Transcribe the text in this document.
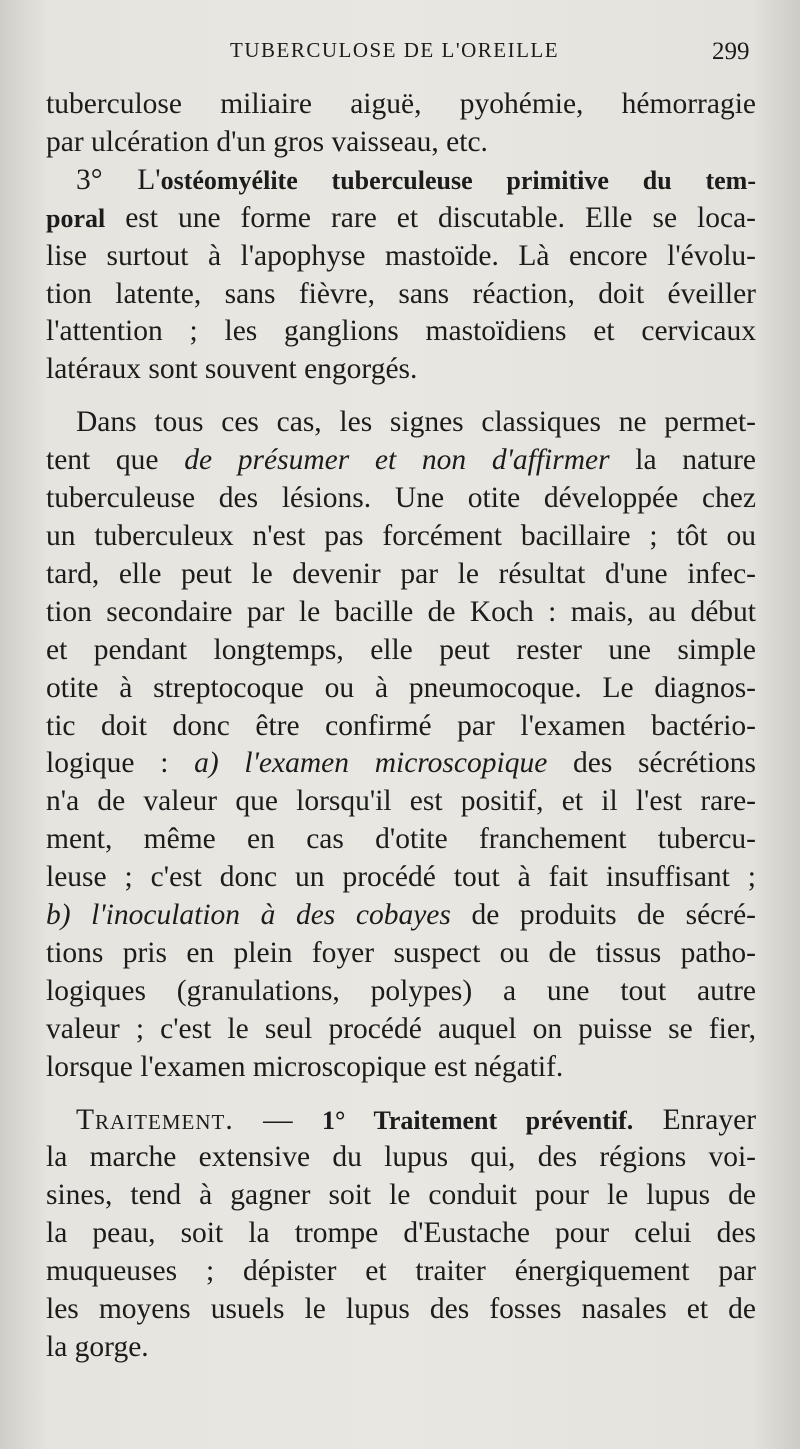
TUBERCULOSE DE L'OREILLE	299
tuberculose miliaire aiguë, pyohémie, hémorragie
par ulcération d'un gros vaisseau, etc.
3° L'ostéomyélite tuberculeuse primitive du tem-
poral est une forme rare et discutable. Elle se loca-
lise surtout à l'apophyse mastoïde. Là encore l'évolu-
tion latente, sans fièvre, sans réaction, doit éveiller
l'attention ; les ganglions mastoïdiens et cervicaux
latéraux sont souvent engorgés.
Dans tous ces cas, les signes classiques ne permet-
tent que de présumer et non d'affirmer la nature
tuberculeuse des lésions. Une otite développée chez
un tuberculeux n'est pas forcément bacillaire ; tôt ou
tard, elle peut le devenir par le résultat d'une infec-
tion secondaire par le bacille de Koch : mais, au début
et pendant longtemps, elle peut rester une simple
otite à streptocoque ou à pneumocoque. Le diagnos-
tic doit donc être confirmé par l'examen bactério-
logique : a) l'examen microscopique des sécrétions
n'a de valeur que lorsqu'il est positif, et il l'est rare-
ment, même en cas d'otite franchement tubercu-
leuse ; c'est donc un procédé tout à fait insuffisant ;
b) l'inoculation à des cobayes de produits de sécré-
tions pris en plein foyer suspect ou de tissus patho-
logiques (granulations, polypes) a une tout autre
valeur ; c'est le seul procédé auquel on puisse se fier,
lorsque l'examen microscopique est négatif.
Traitement. — 1° Traitement préventif. Enrayer
la marche extensive du lupus qui, des régions voi-
sines, tend à gagner soit le conduit pour le lupus de
la peau, soit la trompe d'Eustache pour celui des
muqueuses ; dépister et traiter énergiquement par
les moyens usuels le lupus des fosses nasales et de
la gorge.
